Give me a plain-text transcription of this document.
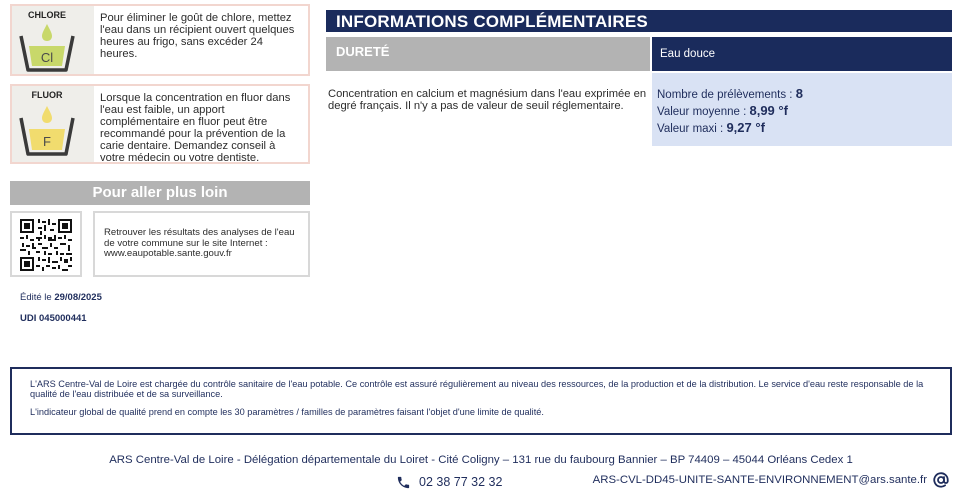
CHLORE
Cl
Pour éliminer le goût de chlore, mettez l'eau dans un récipient ouvert quelques heures au frigo, sans excéder 24 heures.
FLUOR
F
Lorsque la concentration en fluor dans l'eau est faible, un apport complémentaire en fluor peut être recommandé pour la prévention de la carie dentaire. Demandez conseil à votre médecin ou votre dentiste.
Pour aller plus loin
Retrouver les résultats des analyses de l'eau de votre commune sur le site Internet : www.eaupotable.sante.gouv.fr
Édité le 29/08/2025
UDI 045000441
INFORMATIONS COMPLÉMENTAIRES
DURETÉ	Eau douce
Concentration en calcium et magnésium dans l'eau exprimée en degré français. Il n'y a pas de valeur de seuil réglementaire.
Nombre de prélèvements : 8
Valeur moyenne : 8,99 °f
Valeur maxi : 9,27 °f

L'ARS Centre-Val de Loire est chargée du contrôle sanitaire de l'eau potable. Ce contrôle est assuré régulièrement au niveau des ressources, de la production et de la distribution. Le service d'eau reste responsable de la qualité de l'eau distribuée et de sa surveillance.

L'indicateur global de qualité prend en compte les 30 paramètres / familles de paramètres faisant l'objet d'une limite de qualité.

ARS Centre-Val de Loire - Délégation départementale du Loiret - Cité Coligny – 131 rue du faubourg Bannier – BP 74409 – 45044 Orléans Cedex 1
02 38 77 32 32	ARS-CVL-DD45-UNITE-SANTE-ENVIRONNEMENT@ars.sante.fr
